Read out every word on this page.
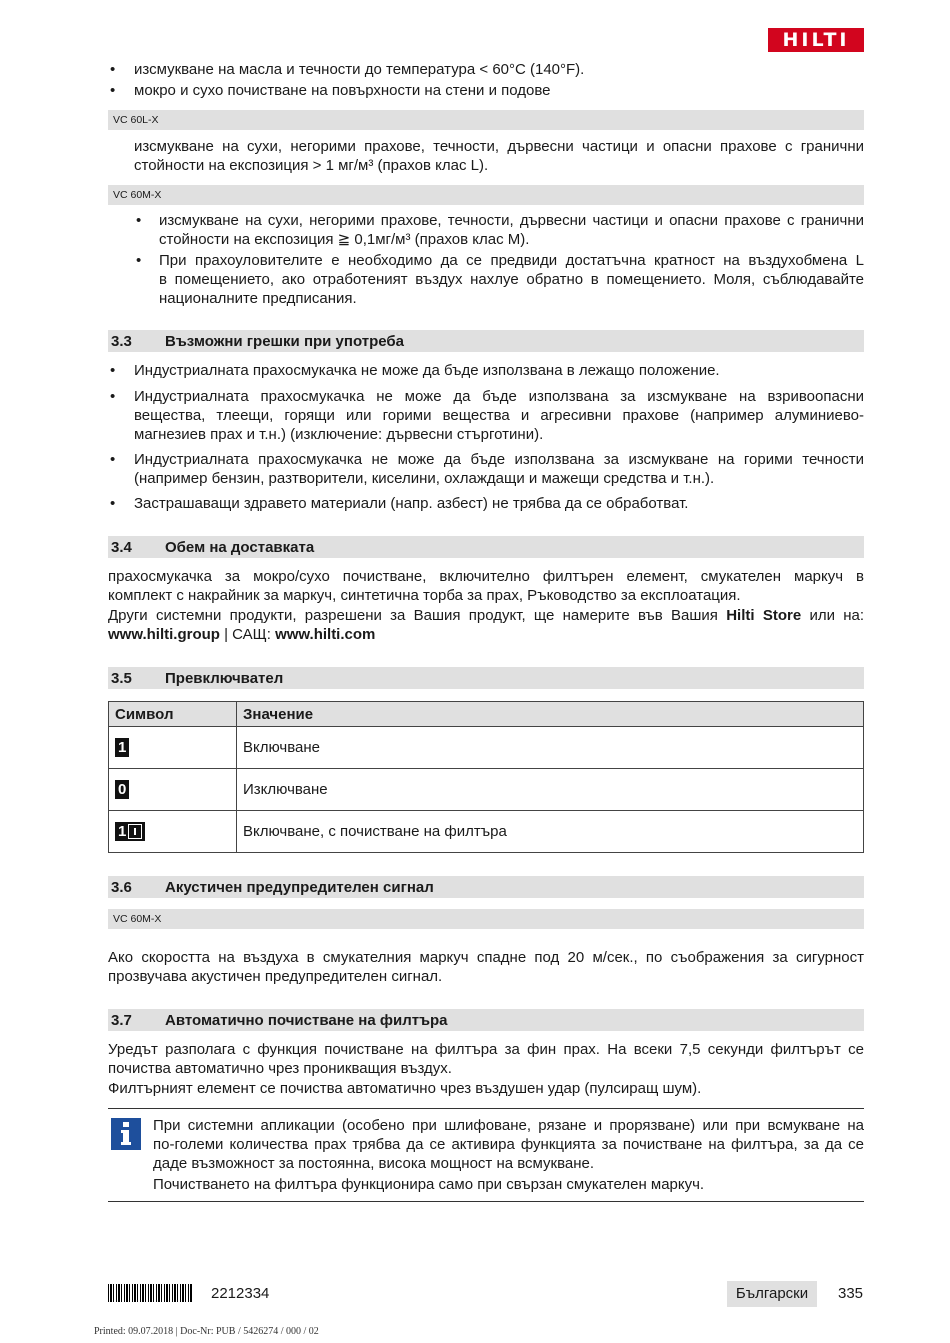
HILTI
• изсмукване на масла и течности до температура < 60°C (140°F).
• мокро и сухо почистване на повърхности на стени и подове
VC 60L-X
изсмукване на сухи, негорими прахове, течности, дървесни частици и опасни прахове с гранични
стойности на експозиция > 1 мг/м³ (прахов клас L).
VC 60M-X
• изсмукване на сухи, негорими прахове, течности, дървесни частици и опасни прахове с гранични
стойности на експозиция ≧ 0,1мг/м³ (прахов клас M).
• При прахоуловителите е необходимо да се предвиди достатъчна кратност на въздухобмена L
в помещението, ако отработеният въздух нахлуе обратно в помещението. Моля, съблюдавайте
националните предписания.
3.3 Възможни грешки при употреба
• Индустриалната прахосмукачка не може да бъде използвана в лежащо положение.
• Индустриалната прахосмукачка не може да бъде използвана за изсмукване на взривоопасни
вещества, тлеещи, горящи или горими вещества и агресивни прахове (например алуминиево-
магнезиев прах и т.н.) (изключение: дървесни стърготини).
• Индустриалната прахосмукачка не може да бъде използвана за изсмукване на горими течности
(например бензин, разтворители, киселини, охлаждащи и мажещи средства и т.н.).
• Застрашаващи здравето материали (напр. азбест) не трябва да се обработват.
3.4 Обем на доставката
прахосмукачка за мокро/сухо почистване, включително филтърен елемент, смукателен маркуч в
комплект с накрайник за маркуч, синтетична торба за прах, Ръководство за експлоатация.
Други системни продукти, разрешени за Вашия продукт, ще намерите във Вашия Hilti Store или на:
www.hilti.group | САЩ: www.hilti.com
3.5 Превключвател
Символ	Значение
1	Включване
0	Изключване

1	Включване, с почистване на филтъра
3.6 Акустичен предупредителен сигнал
VC 60M-X
Ако скоростта на въздуха в смукателния маркуч спадне под 20 м/сек., по съображения за сигурност
прозвучава акустичен предупредителен сигнал.
3.7 Автоматично почистване на филтъра
Уредът разполага с функция почистване на филтъра за фин прах. На всеки 7,5 секунди филтърът се
почиства автоматично чрез проникващия въздух.
Филтърният елемент се почиства автоматично чрез въздушен удар (пулсиращ шум).
При системни апликации (особено при шлифоване, рязане и прорязване) или при всмукване на
по-големи количества прах трябва да се активира функцията за почистване на филтъра, за да се
даде възможност за постоянна, висока мощност на всмукване.
Почистването на филтъра функционира само при свързан смукателен маркуч.
2212334	Български	335
Printed: 09.07.2018 | Doc-Nr: PUB / 5426274 / 000 / 02
